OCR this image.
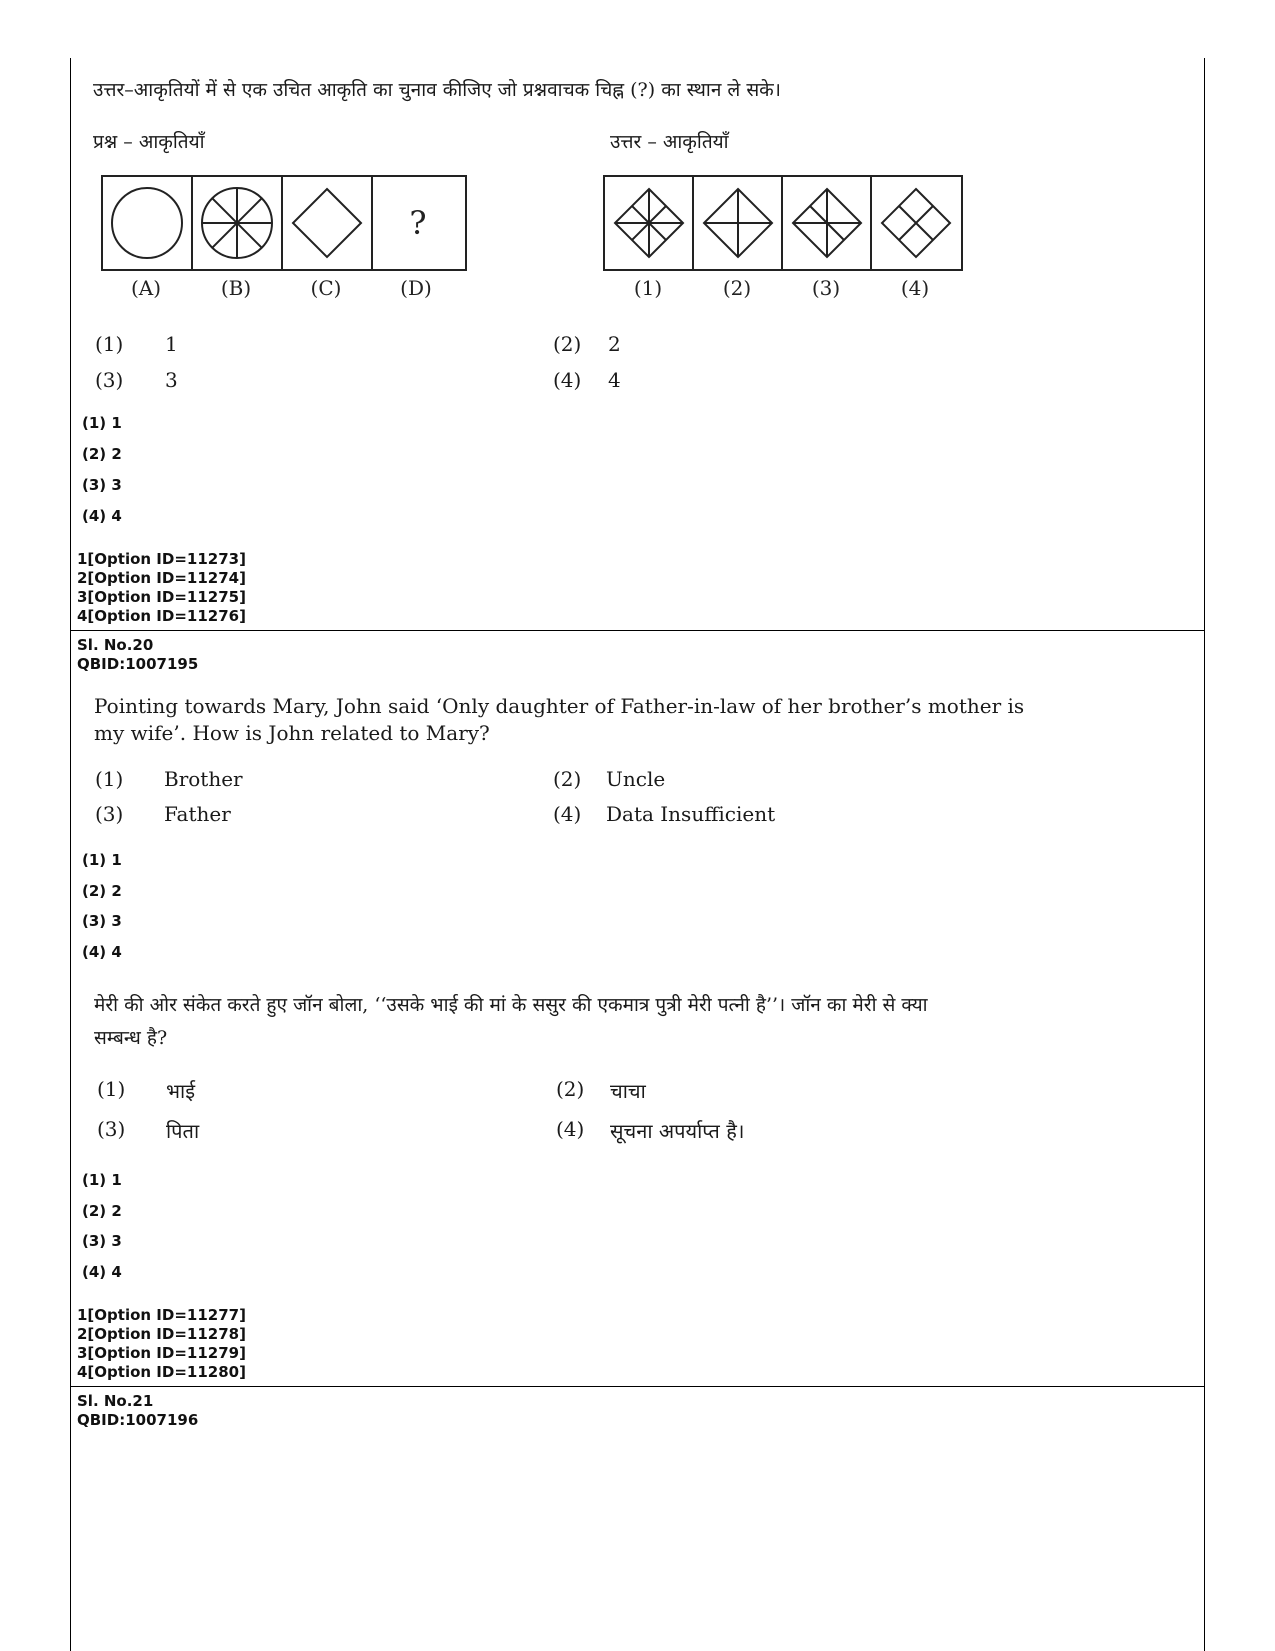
उत्तर–आकृतियों में से एक उचित आकृति का चुनाव कीजिए जो प्रश्नवाचक चिह्न (?) का स्थान ले सके।
प्रश्न – आकृतियाँ	उत्तर – आकृतियाँ
?
(A)	(B)	(C)	(D)	(1)	(2)	(3)	(4)
(1) 1	(2) 2
(3) 3	(4) 4
(1) 1
(2) 2
(3) 3
(4) 4
1[Option ID=11273]
2[Option ID=11274]
3[Option ID=11275]
4[Option ID=11276]
Sl. No.20
QBID:1007195
Pointing towards Mary, John said ‘Only daughter of Father-in-law of her brother’s mother is
my wife’. How is John related to Mary?
(1) Brother	(2) Uncle
(3) Father	(4) Data Insufficient
(1) 1
(2) 2
(3) 3
(4) 4
मेरी की ओर संकेत करते हुए जॉन बोला, ‘‘उसके भाई की मां के ससुर की एकमात्र पुत्री मेरी पत्नी है’’। जॉन का मेरी से क्या
सम्बन्ध है?
(1) भाई	(2) चाचा
(3) पिता	(4) सूचना अपर्याप्त है।
(1) 1
(2) 2
(3) 3
(4) 4
1[Option ID=11277]
2[Option ID=11278]
3[Option ID=11279]
4[Option ID=11280]
Sl. No.21
QBID:1007196
